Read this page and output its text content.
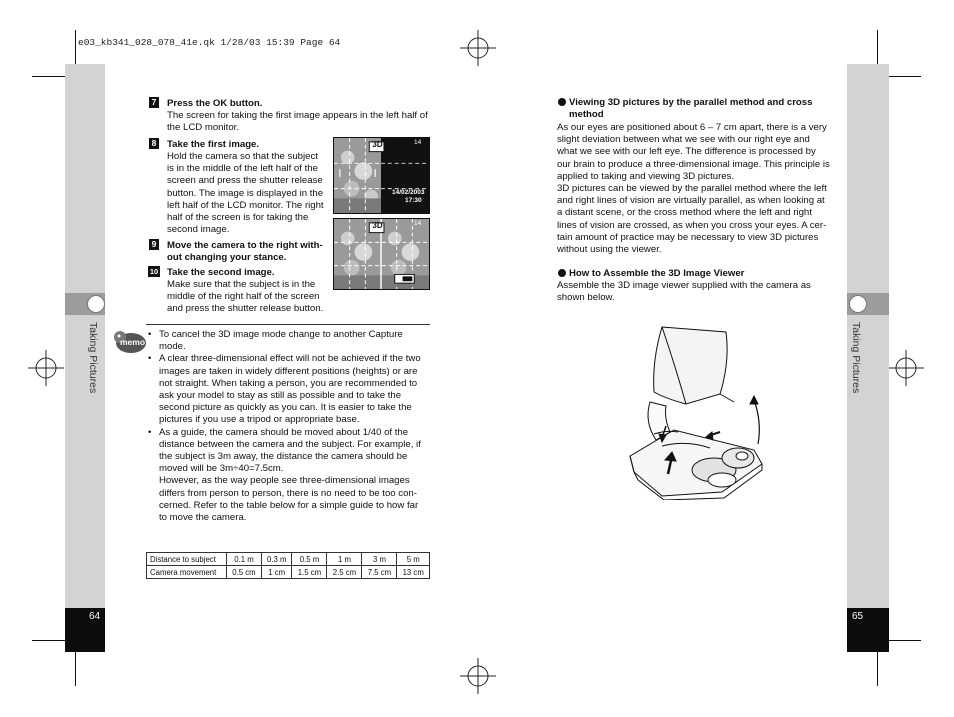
e03_kb341_028_078_41e.qk 1/28/03 15:39 Page 64
Taking Pictures
64
Taking Pictures
65
7 Press the OK button.
The screen for taking the first image appears in the left half of the LCD monitor.
8 Take the first image.
Hold the camera so that the subject
is in the middle of the left half of the
screen and press the shutter release
button. The image is displayed in the
left half of the LCD monitor. The right
half of the screen is for taking the
second image.
9 Move the camera to the right with-
out changing your stance.
10 Take the second image.
Make sure that the subject is in the
middle of the right half of the screen
and press the shutter release button.
3D	14
14/02/2003
17:30
3D	14
memo
• To cancel the 3D image mode change to another Capture
mode.
• A clear three-dimensional effect will not be achieved if the two
images are taken in widely different positions (heights) or are
not straight. When taking a person, you are recommended to
ask your model to stay as still as possible and to take the
second picture as quickly as you can. It is easier to take the
pictures if you use a tripod or appropriate base.
• As a guide, the camera should be moved about 1/40 of the
distance between the camera and the subject. For example, if
the subject is 3m away, the distance the camera should be
moved will be 3m÷40=7.5cm.
However, as the way people see three-dimensional images
differs from person to person, there is no need to be too con-
cerned. Refer to the table below for a simple guide to how far
to move the camera.
Distance to subject	0.1 m	0.3 m	0.5 m	1 m	3 m	5 m
Camera movement	0.5 cm	1 cm	1.5 cm	2.5 cm	7.5 cm	13 cm
Viewing 3D pictures by the parallel method and cross
method
As our eyes are positioned about 6 – 7 cm apart, there is a very
slight deviation between what we see with our right eye and
what we see with our left eye. The difference is processed by
our brain to produce a three-dimensional image. This principle is
applied to taking and viewing 3D pictures.
3D pictures can be viewed by the parallel method where the left
and right lines of vision are virtually parallel, as when looking at
a distant scene, or the cross method where the left and right
lines of vision are crossed, as when you cross your eyes. A cer-
tain amount of practice may be necessary to view 3D pictures
without using the viewer.
How to Assemble the 3D Image Viewer
Assemble the 3D image viewer supplied with the camera as
shown below.
